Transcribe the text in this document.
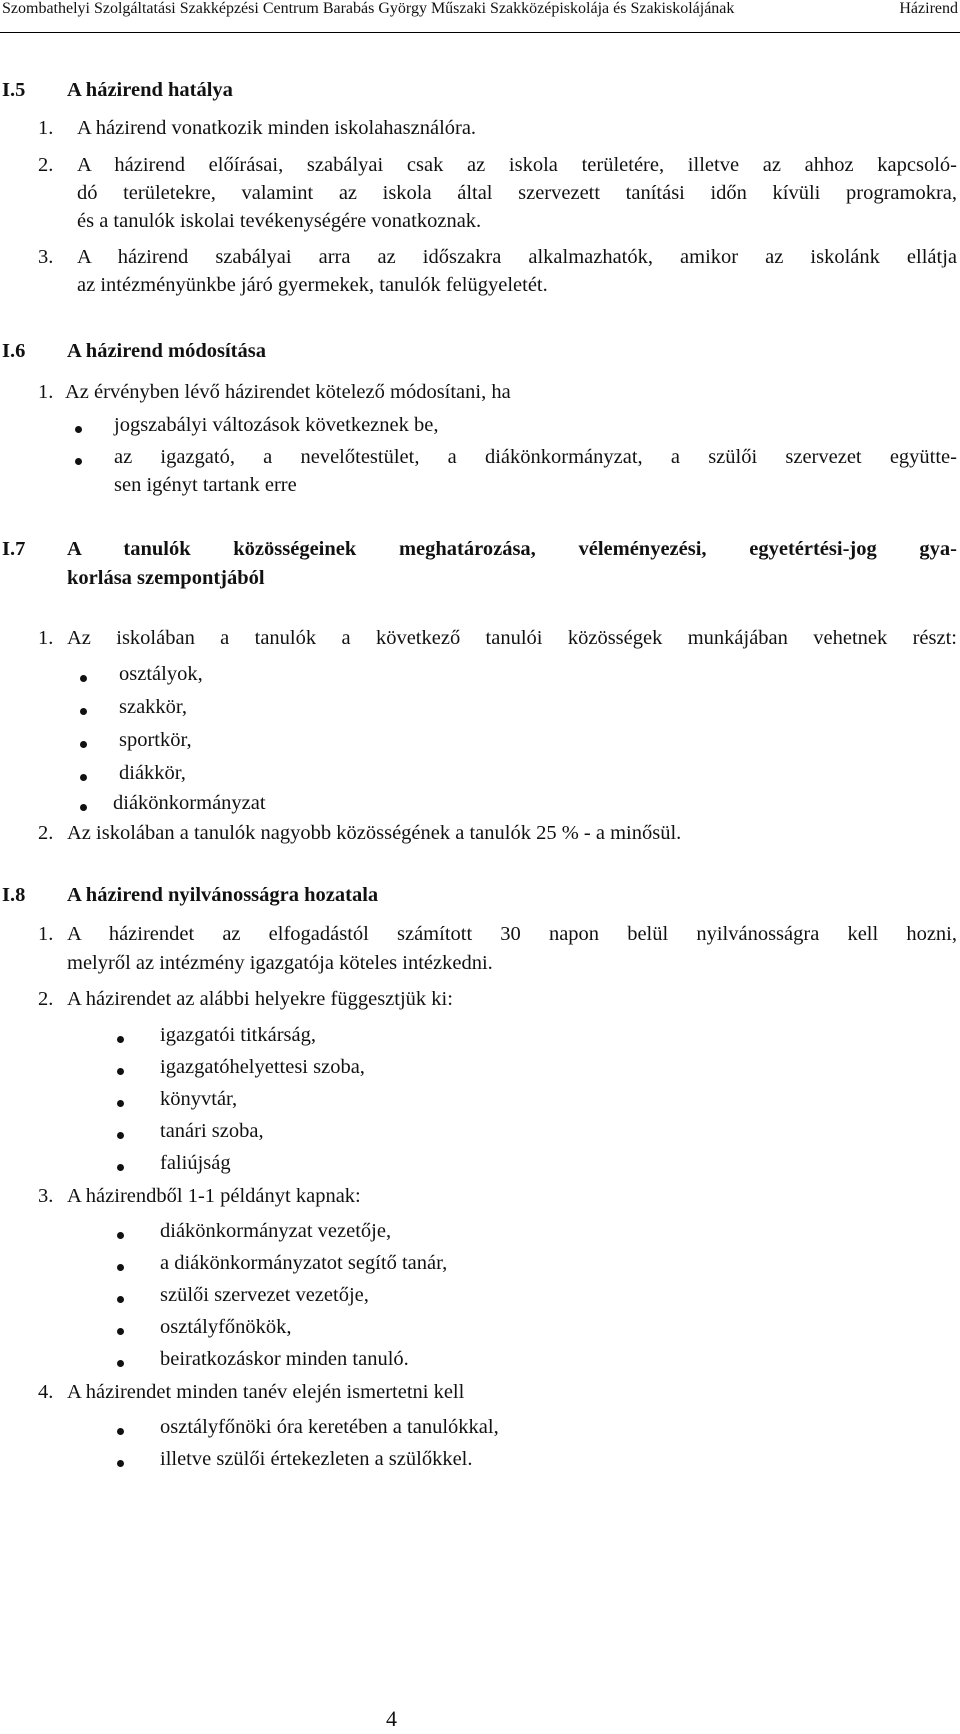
Szombathelyi Szolgáltatási Szakképzési Centrum Barabás György Műszaki Szakközépiskolája és Szakiskolájának	Házirend
I.5 A házirend hatálya
1. A házirend vonatkozik minden iskolahasználóra.
2. A házirend előírásai, szabályai csak az iskola területére, illetve az ahhoz kapcsoló-
dó területekre, valamint az iskola által szervezett tanítási időn kívüli programokra,
és a tanulók iskolai tevékenységére vonatkoznak.
3. A házirend szabályai arra az időszakra alkalmazhatók, amikor az iskolánk ellátja
az intézményünkbe járó gyermekek, tanulók felügyeletét.
I.6 A házirend módosítása
1. Az érvényben lévő házirendet kötelező módosítani, ha
jogszabályi változások következnek be,
az igazgató, a nevelőtestület, a diákönkormányzat, a szülői szervezet együtte-
sen igényt tartank erre
I.7 A tanulók közösségeinek meghatározása, véleményezési, egyetértési-jog gya-
korlása szempontjából
1. Az iskolában a tanulók a következő tanulói közösségek munkájában vehetnek részt:
osztályok,
szakkör,
sportkör,
diákkör,
diákönkormányzat
2. Az iskolában a tanulók nagyobb közösségének a tanulók 25 % - a minősül.
I.8 A házirend nyilvánosságra hozatala
1. A házirendet az elfogadástól számított 30 napon belül nyilvánosságra kell hozni,
melyről az intézmény igazgatója köteles intézkedni.
2. A házirendet az alábbi helyekre függesztjük ki:
igazgatói titkárság,
igazgatóhelyettesi szoba,
könyvtár,
tanári szoba,
faliújság
3. A házirendből 1-1 példányt kapnak:
diákönkormányzat vezetője,
a diákönkormányzatot segítő tanár,
szülői szervezet vezetője,
osztályfőnökök,
beiratkozáskor minden tanuló.
4. A házirendet minden tanév elején ismertetni kell
osztályfőnöki óra keretében a tanulókkal,
illetve szülői értekezleten a szülőkkel.
4
